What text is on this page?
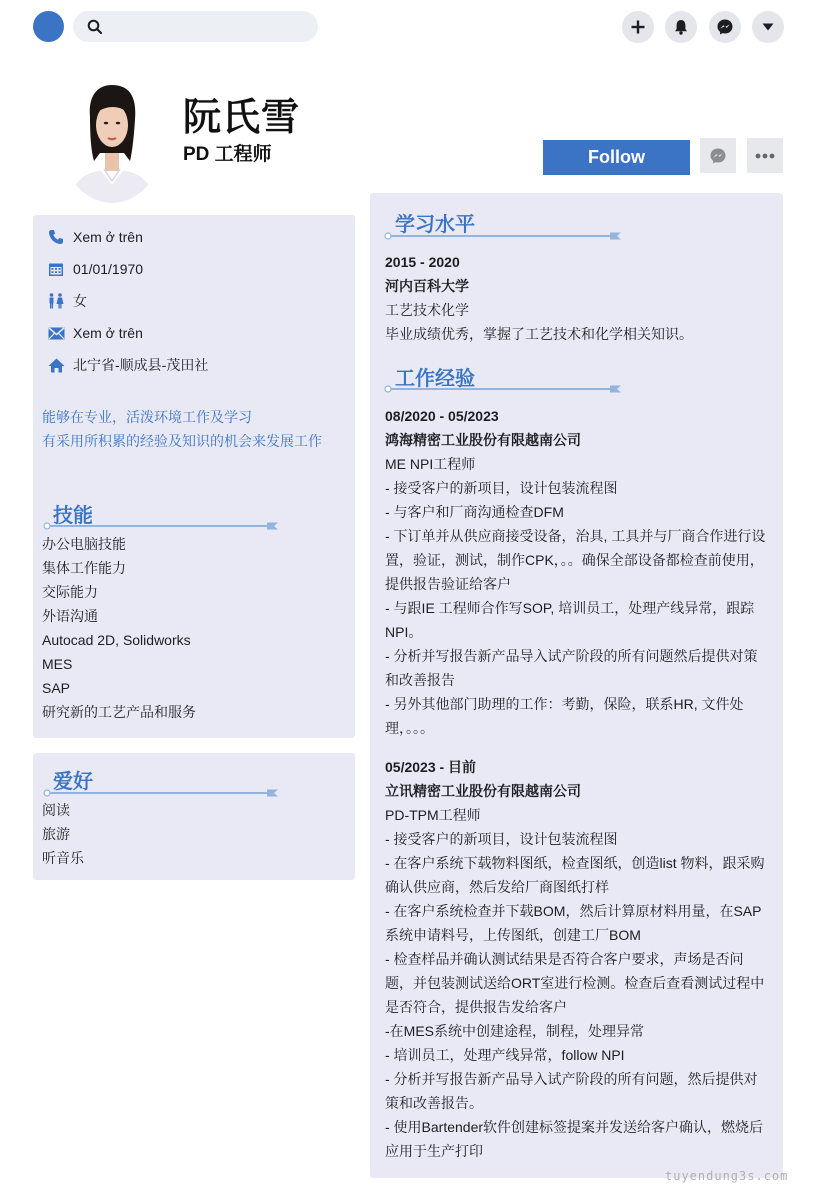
阮氏雪
PD 工程师	Follow
Xem ở trên
01/01/1970
女
Xem ở trên
北宁省-顺成县-茂田社
能够在专业，活泼环境工作及学习
有采用所积累的经验及知识的机会来发展工作
技能
办公电脑技能
集体工作能力
交际能力
外语沟通
Autocad 2D, Solidworks
MES
SAP
研究新的工艺产品和服务
爱好
阅读
旅游
听音乐
学习水平
2015 - 2020
河内百科大学
工艺技术化学
毕业成绩优秀，掌握了工艺技术和化学相关知识。
工作经验
08/2020 - 05/2023
鸿海精密工业股份有限越南公司
ME NPI工程师
- 接受客户的新项目，设计包装流程图
- 与客户和厂商沟通检查DFM
- 下订单并从供应商接受设备，治具, 工具并与厂商合作进行设置，验证，测试，制作CPK，。。确保全部设备都检查前使用，提供报告验证给客户
- 与跟IE 工程师合作写SOP, 培训员工，处理产线异常，跟踪NPI。
- 分析并写报告新产品导入试产阶段的所有问题然后提供对策和改善报告
- 另外其他部门助理的工作：考勤，保险，联系HR, 文件处理，。。。
05/2023 - 目前
立讯精密工业股份有限越南公司
PD-TPM工程师
- 接受客户的新项目，设计包装流程图
- 在客户系统下载物料图纸，检查图纸，创造list 物料，跟采购确认供应商，然后发给厂商图纸打样
- 在客户系统检查并下载BOM，然后计算原材料用量，在SAP系统申请料号，上传图纸，创建工厂BOM
- 检查样品并确认测试结果是否符合客户要求，声场是否问题，并包装测试送给ORT室进行检测。检查后查看测试过程中是否符合，提供报告发给客户
-在MES系统中创建途程，制程，处理异常
- 培训员工，处理产线异常，follow NPI
- 分析并写报告新产品导入试产阶段的所有问题，然后提供对策和改善报告。
- 使用Bartender软件创建标签提案并发送给客户确认，燃烧后应用于生产打印
tuyendung3s.com
